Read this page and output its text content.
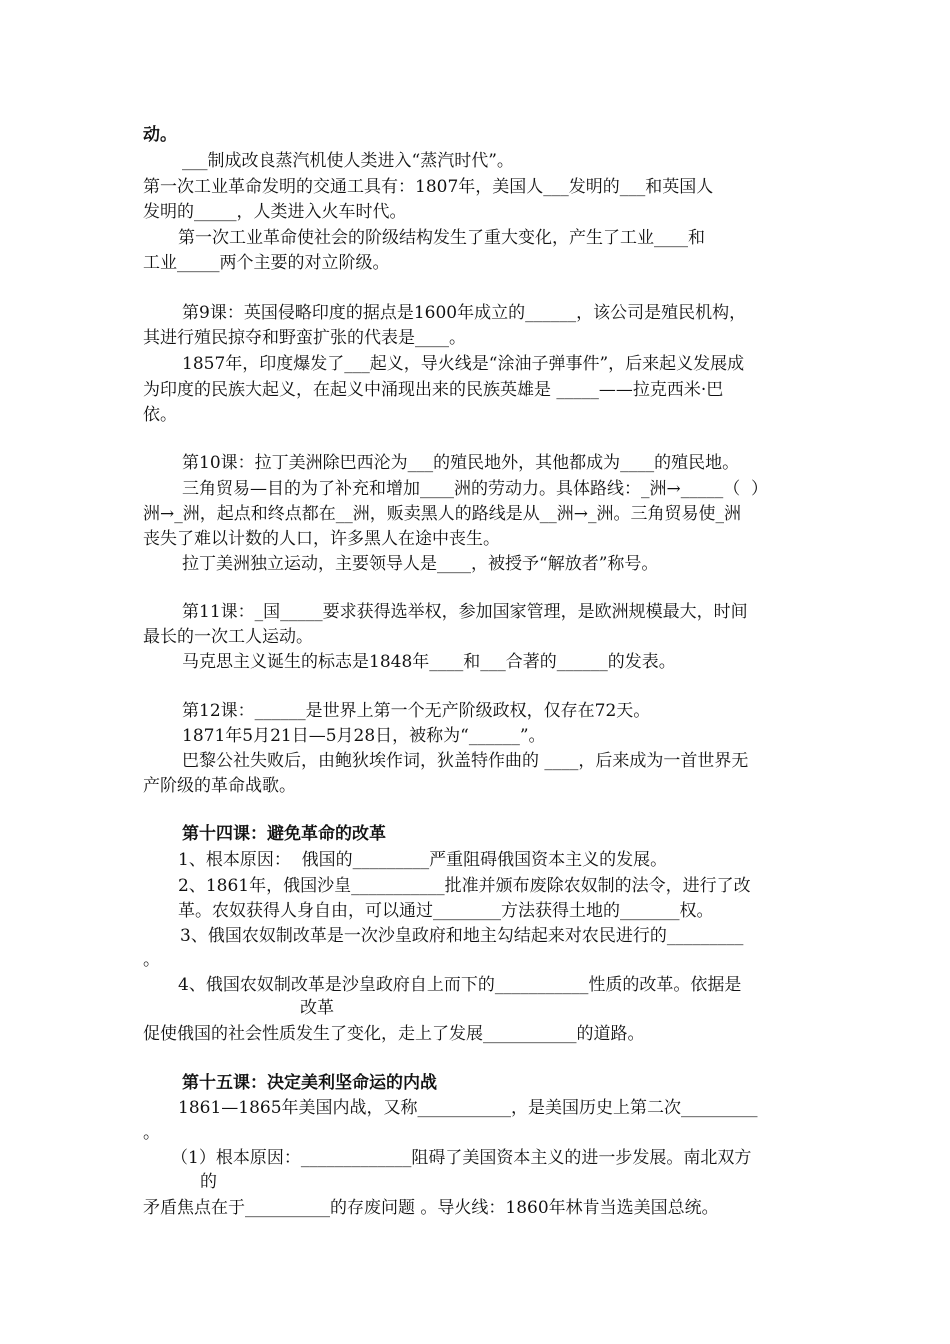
动。
___制成改良蒸汽机使人类进入“蒸汽时代”。
第一次工业革命发明的交通工具有：1807年，美国人___发明的___和英国人
发明的_____，人类进入火车时代。
第一次工业革命使社会的阶级结构发生了重大变化，产生了工业____和
工业_____两个主要的对立阶级。
第9课：英国侵略印度的据点是1600年成立的______，该公司是殖民机构，
其进行殖民掠夺和野蛮扩张的代表是____。
1857年，印度爆发了___起义，导火线是“涂油子弹事件”，后来起义发展成
为印度的民族大起义，在起义中涌现出来的民族英雄是 _____——拉克西米·巴
依。
第10课：拉丁美洲除巴西沦为___的殖民地外，其他都成为____的殖民地。
三角贸易—目的为了补充和增加____洲的劳动力。具体路线：_洲→_____（  ）
洲→_洲，起点和终点都在__洲，贩卖黑人的路线是从__洲→_洲。三角贸易使_洲
丧失了难以计数的人口，许多黑人在途中丧生。
拉丁美洲独立运动，主要领导人是____，被授予“解放者”称号。
第11课：_国_____要求获得选举权，参加国家管理，是欧洲规模最大，时间
最长的一次工人运动。
马克思主义诞生的标志是1848年____和___合著的______的发表。
第12课：______是世界上第一个无产阶级政权，仅存在72天。
1871年5月21日—5月28日，被称为“______”。
巴黎公社失败后，由鲍狄埃作词，狄盖特作曲的 ____，后来成为一首世界无
产阶级的革命战歌。
第十四课：避免革命的改革
1、根本原因：  俄国的_________严重阻碍俄国资本主义的发展。
2、1861年，俄国沙皇___________批准并颁布废除农奴制的法令，进行了改
革。农奴获得人身自由，可以通过________方法获得土地的_______权。
3、俄国农奴制改革是一次沙皇政府和地主勾结起来对农民进行的_________
。
4、俄国农奴制改革是沙皇政府自上而下的___________性质的改革。依据是
改革
促使俄国的社会性质发生了变化，走上了发展___________的道路。
第十五课：决定美利坚命运的内战
1861—1865年美国内战，又称___________，是美国历史上第二次_________
。
（1）根本原因：_____________阻碍了美国资本主义的进一步发展。南北双方
的
矛盾焦点在于__________的存废问题 。导火线：1860年林肯当选美国总统。
